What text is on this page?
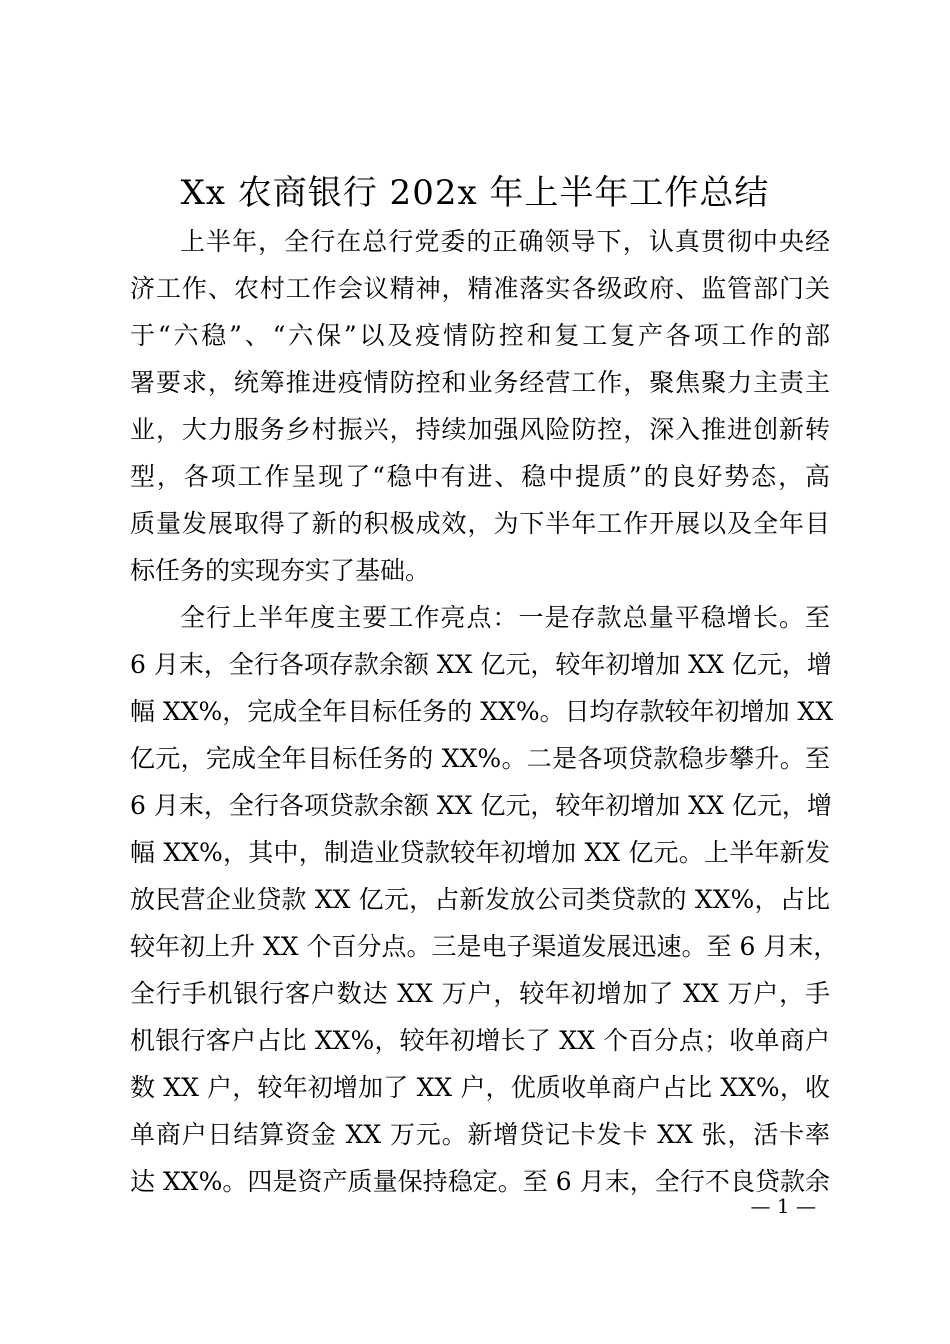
Xx 农商银行 202x 年上半年工作总结
上半年，全行在总行党委的正确领导下，认真贯彻中央经
济工作、农村工作会议精神，精准落实各级政府、监管部门关
于“六稳”、“六保”以及疫情防控和复工复产各项工作的部
署要求，统筹推进疫情防控和业务经营工作，聚焦聚力主责主
业，大力服务乡村振兴，持续加强风险防控，深入推进创新转
型，各项工作呈现了“稳中有进、稳中提质”的良好势态，高
质量发展取得了新的积极成效，为下半年工作开展以及全年目
标任务的实现夯实了基础。
全行上半年度主要工作亮点：一是存款总量平稳增长。至
6 月末，全行各项存款余额 XX 亿元，较年初增加 XX 亿元，增
幅 XX%，完成全年目标任务的 XX%。日均存款较年初增加 XX
亿元，完成全年目标任务的 XX%。二是各项贷款稳步攀升。至
6 月末，全行各项贷款余额 XX 亿元，较年初增加 XX 亿元，增
幅 XX%，其中，制造业贷款较年初增加 XX 亿元。上半年新发
放民营企业贷款 XX 亿元，占新发放公司类贷款的 XX%，占比
较年初上升 XX 个百分点。三是电子渠道发展迅速。至 6 月末，
全行手机银行客户数达 XX 万户，较年初增加了 XX 万户，手
机银行客户占比 XX%，较年初增长了 XX 个百分点；收单商户
数 XX 户，较年初增加了 XX 户，优质收单商户占比 XX%，收
单商户日结算资金 XX 万元。新增贷记卡发卡 XX 张，活卡率
达 XX%。四是资产质量保持稳定。至 6 月末，全行不良贷款余
— 1 —
